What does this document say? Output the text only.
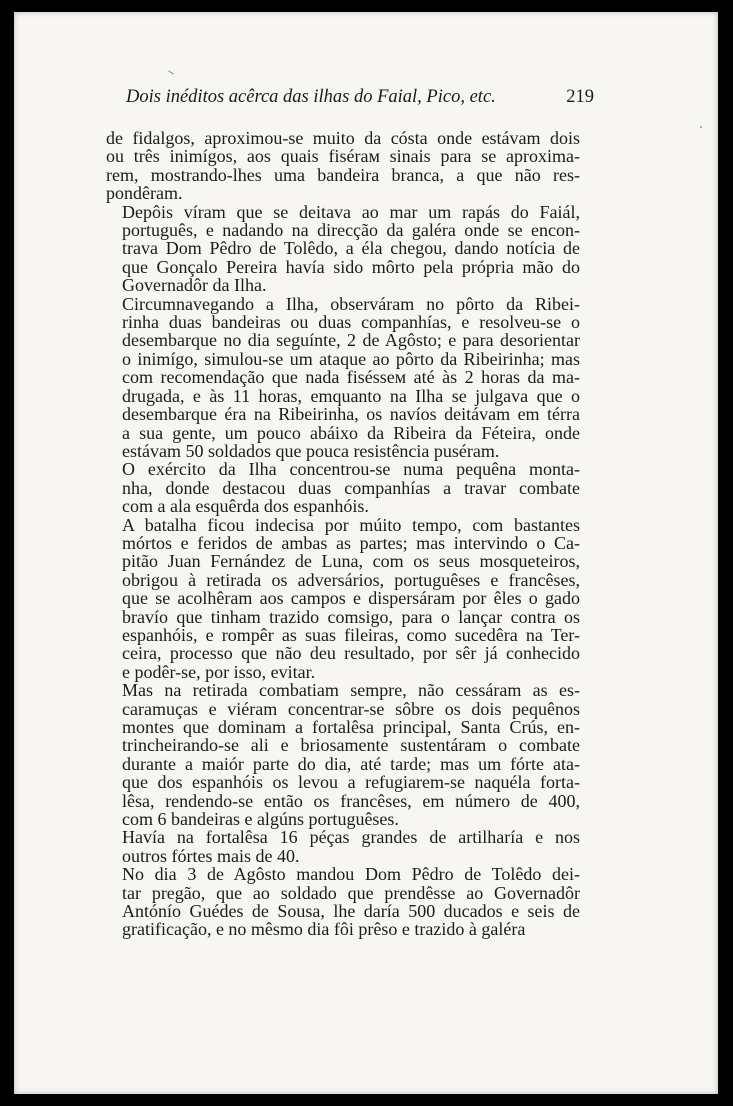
Dois inéditos acêrca das ilhas do Faial, Pico, etc.	219

de fidalgos, aproximou-se muito da cósta onde estávam dois
ou três inimígos, aos quais fisérам sinais para se aproxima-
rem, mostrando-lhes uma bandeira branca, a que não res-
pondêram.

Depôis víram que se deitava ao mar um rapás do Faiál,
português, e nadando na direcção da galéra onde se encon-
trava Dom Pêdro de Tolêdo, a éla chegou, dando notícia de
que Gonçalo Pereira havía sido môrto pela própria mão do
Governadôr da Ilha.

Circumnavegando a Ilha, observáram no pôrto da Ribei-
rinha duas bandeiras ou duas companhías, e resolveu-se o
desembarque no dia seguínte, 2 de Agôsto; e para desorientar
o inimígo, simulou-se um ataque ao pôrto da Ribeirinha; mas
com recomendação que nada fisésseм até às 2 horas da ma-
drugada, e às 11 horas, emquanto na Ilha se julgava que o
desembarque éra na Ribeirinha, os navíos deitávam em térra
a sua gente, um pouco abáixo da Ribeira da Féteira, onde
estávam 50 soldados que pouca resistência puséram.

O exército da Ilha concentrou-se numa pequêna monta-
nha, donde destacou duas companhías a travar combate
com a ala esquêrda dos espanhóis.

A batalha ficou indecisa por múito tempo, com bastantes
mórtos e feridos de ambas as partes; mas intervindo o Ca-
pitão Juan Fernández de Luna, com os seus mosqueteiros,
obrigou à retirada os adversários, portuguêses e francêses,
que se acolhêram aos campos e dispersáram por êles o gado
bravío que tinham trazido comsigo, para o lançar contra os
espanhóis, e rompêr as suas fileiras, como sucedêra na Ter-
ceira, processo que não deu resultado, por sêr já conhecido
e podêr-se, por isso, evitar.

Mas na retirada combatiam sempre, não cessáram as es-
caramuças e viéram concentrar-se sôbre os dois pequênos
montes que dominam a fortalêsa principal, Santa Crús, en-
trincheirando-se ali e briosamente sustentáram o combate
durante a maiór parte do dia, até tarde; mas um fórte ata-
que dos espanhóis os levou a refugiarem-se naquéla forta-
lêsa, rendendo-se então os francêses, em número de 400,
com 6 bandeiras e algúns portuguêses.

Havía na fortalêsa 16 péças grandes de artilharía e nos
outros fórtes mais de 40.

No dia 3 de Agôsto mandou Dom Pêdro de Tolêdo dei-
tar pregão, que ao soldado que prendêsse ao Governadôr
Antónío Guédes de Sousa, lhe daría 500 ducados e seis de
gratificação, e no mêsmo dia fôi prêso e trazido à galéra
